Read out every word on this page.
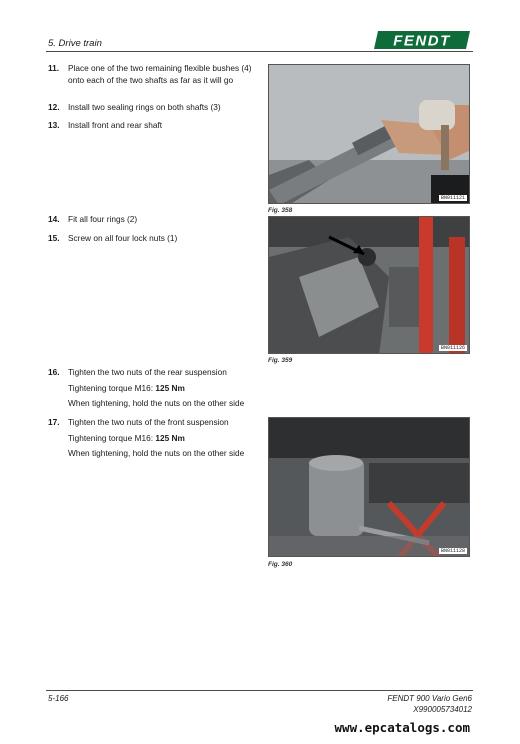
5. Drive train	FENDT
11. Place one of the two remaining flexible bushes (4) onto each of the two shafts as far as it will go
12. Install two sealing rings on both shafts (3)
13. Install front and rear shaft
14. Fit all four rings (2)
15. Screw on all four lock nuts (1)
16. Tighten the two nuts of the rear suspension
Tightening torque M16: 125 Nm
When tightening, hold the nuts on the other side
17. Tighten the two nuts of the front suspension
Tightening torque M16: 125 Nm
When tightening, hold the nuts on the other side
BN011121
Fig. 358
BN011126
Fig. 359
BN011128
Fig. 360
5-166	FENDT 900 Vario Gen6
X990005734012
www.epcatalogs.com
